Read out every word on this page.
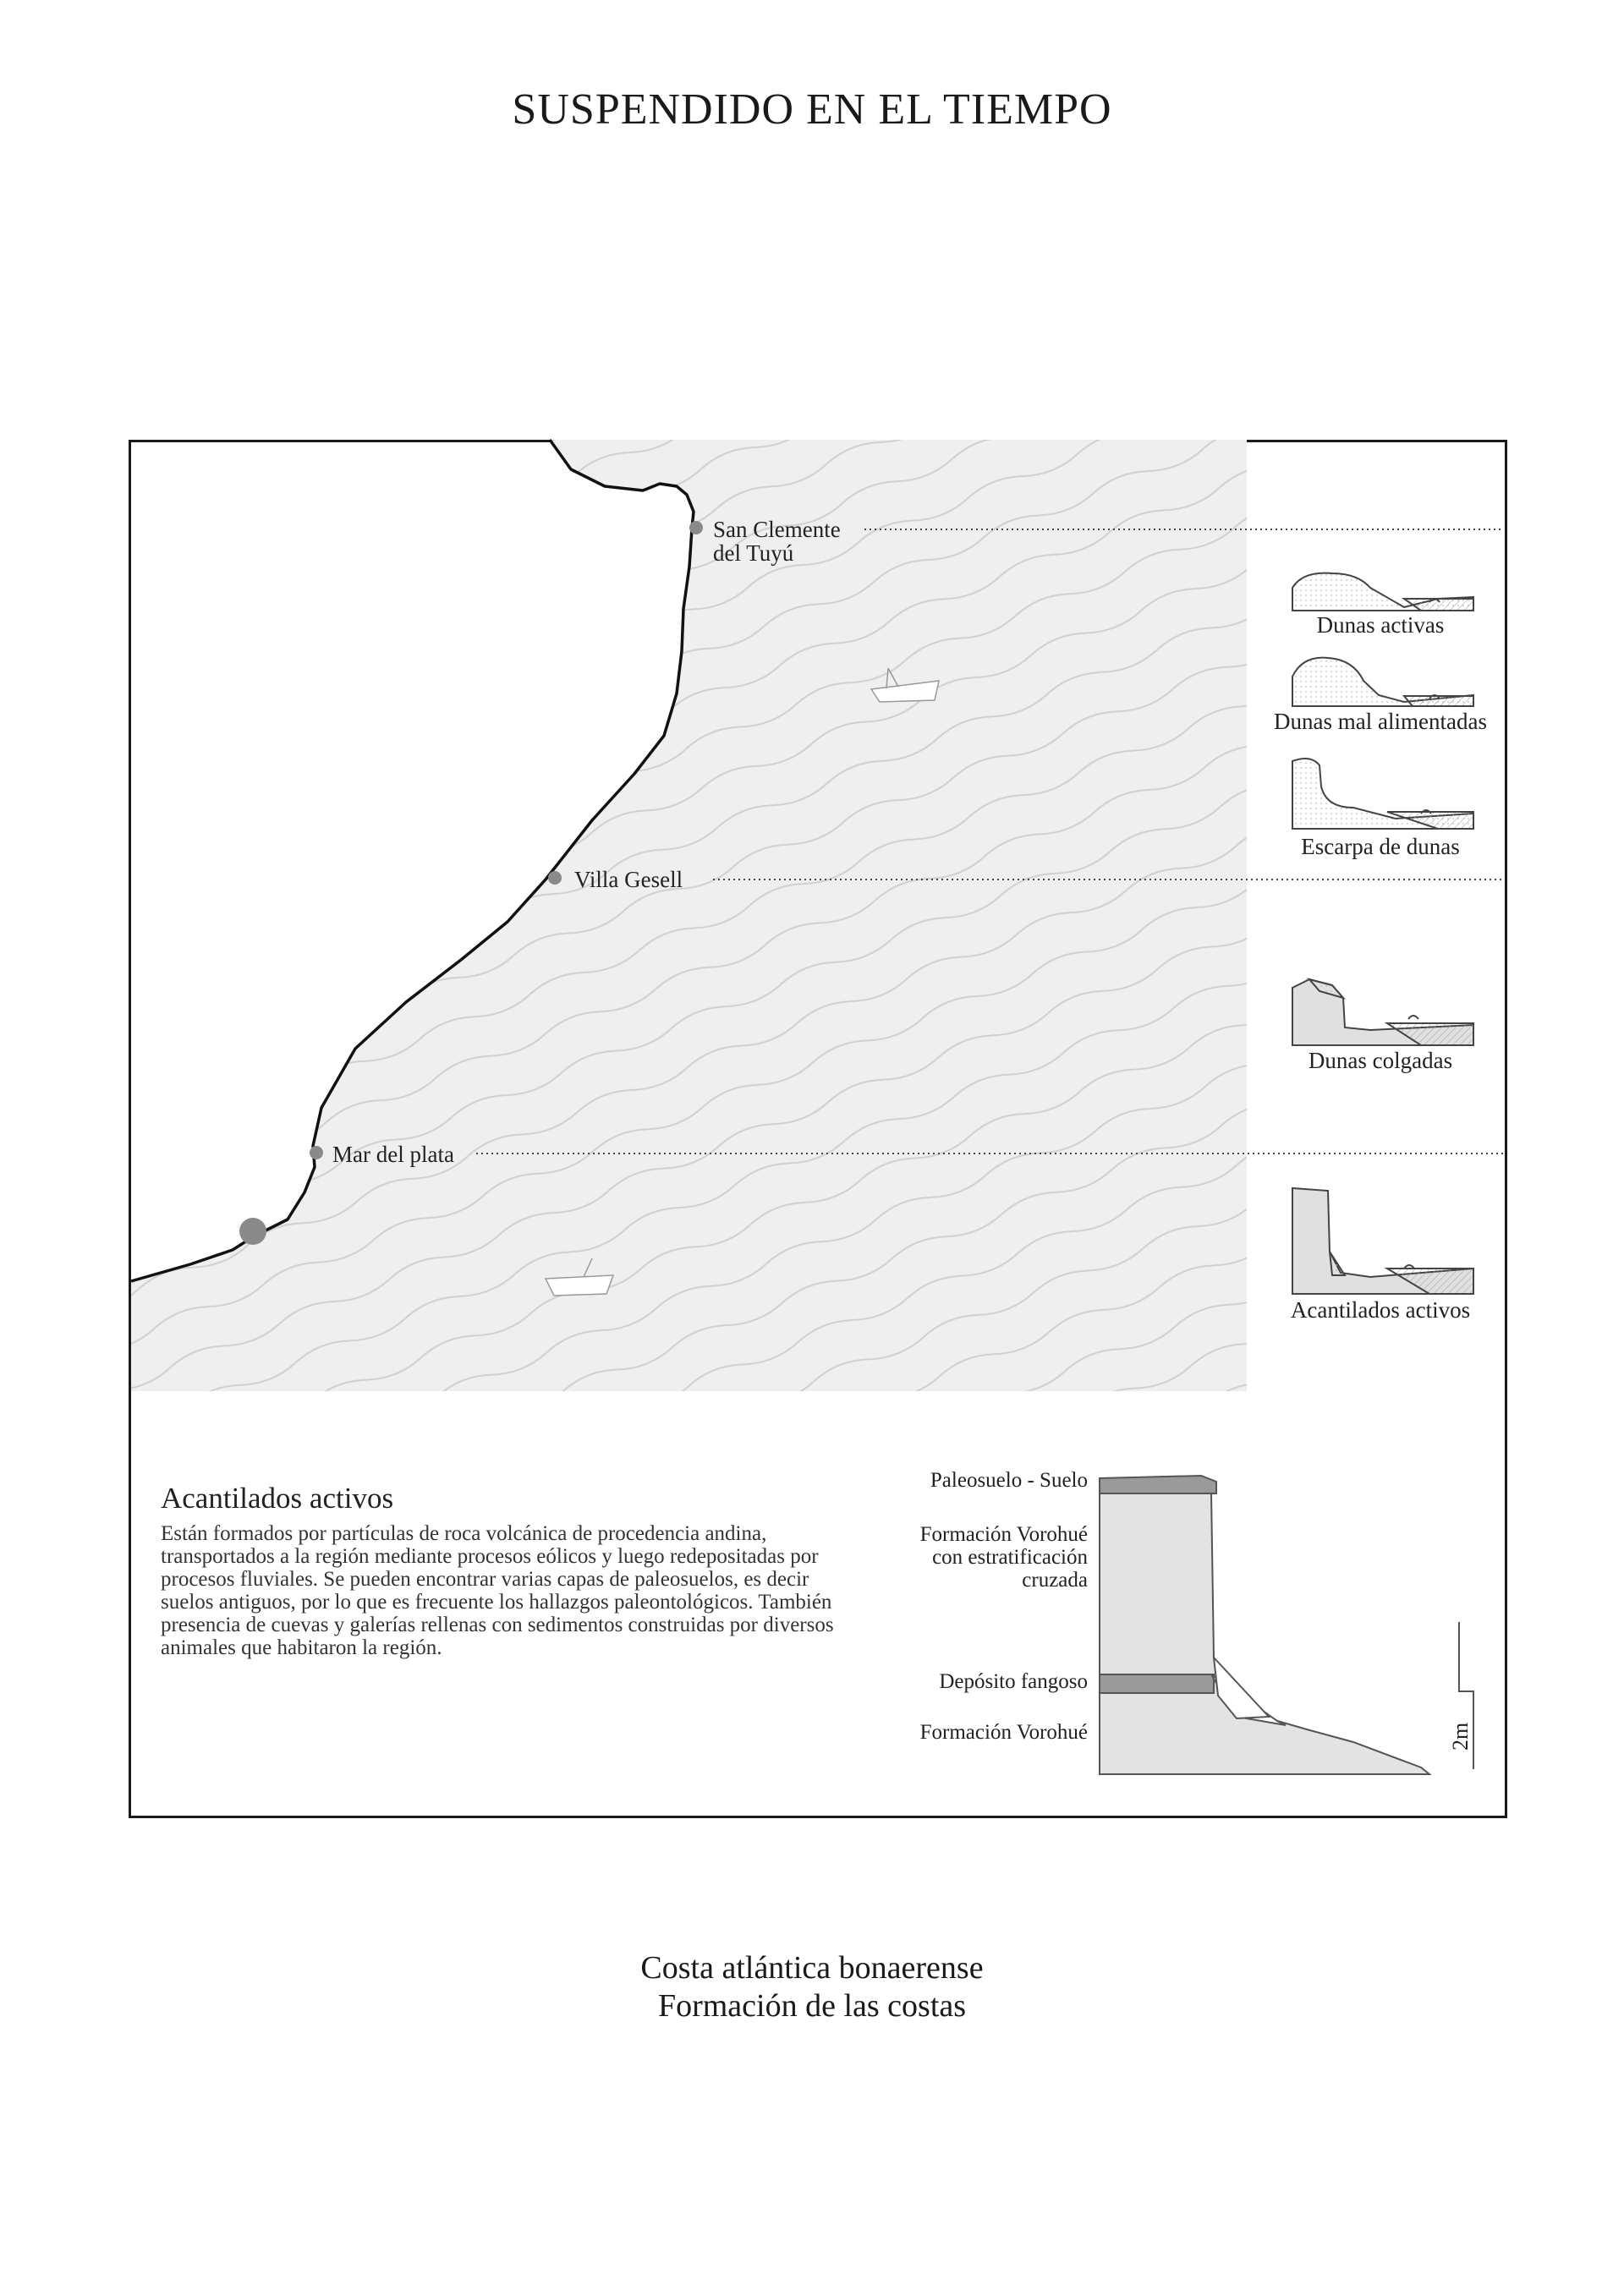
SUSPENDIDO EN EL TIEMPO
San Clemente
del Tuyú
Villa Gesell
Mar del plata
Dunas activas
Dunas mal alimentadas
Escarpa de dunas
Dunas colgadas
Acantilados activos
2m
Paleosuelo - Suelo
Formación Vorohué
con estratificación
cruzada
Depósito fangoso
Formación Vorohué
Acantilados activos
Están formados por partículas de roca volcánica de procedencia andina, transportados a la región mediante procesos eólicos y luego redepositadas por procesos fluviales. Se pueden encontrar varias capas de paleosuelos, es decir suelos antiguos, por lo que es frecuente los hallazgos paleontológicos. También presencia de cuevas y galerías rellenas con sedimentos construidas por diversos animales que habitaron la región.
Costa atlántica bonaerense
Formación de las costas
